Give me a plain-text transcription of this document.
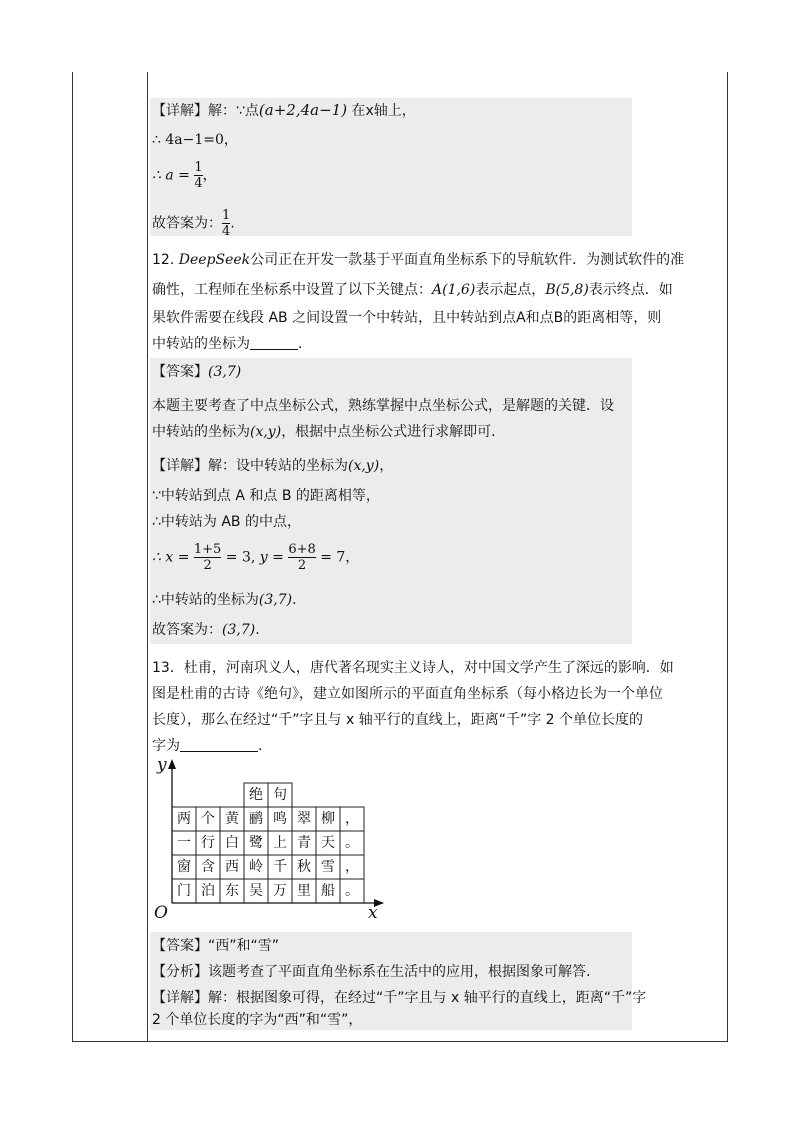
【详解】解：∵点(a+2,4a−1) 在x轴上，
∴ 4a−1=0，
∴ $a = \frac{1}{4}$ ，
故答案为： $\frac{1}{4}$ .
12. DeepSeek公司正在开发一款基于平面直角坐标系下的导航软件．为测试软件的准
确性，工程师在坐标系中设置了以下关键点：A(1,6)表示起点，B(5,8)表示终点．如
果软件需要在线段 AB 之间设置一个中转站，且中转站到点A和点B的距离相等，则
中转站的坐标为	.
【答案】(3,7)
本题主要考查了中点坐标公式，熟练掌握中点坐标公式，是解题的关键．设
中转站的坐标为(x,y)，根据中点坐标公式进行求解即可.
【详解】解：设中转站的坐标为(x,y)，
∵中转站到点 A 和点 B 的距离相等，
∴中转站为 AB 的中点，
∴ $x = \frac{1+5}{2} = 3$, $y = \frac{6+8}{2} = 7$，
∴中转站的坐标为(3,7).
故答案为：(3,7).
13．杜甫，河南巩义人，唐代著名现实主义诗人，对中国文学产生了深远的影响．如
图是杜甫的古诗《绝句》，建立如图所示的平面直角坐标系（每小格边长为一个单位
长度），那么在经过“千”字且与 x 轴平行的直线上，距离“千”字 2 个单位长度的
字为	.
y
x
O
绝 句
两 个 黄 鹂 鸣 翠 柳 ，
一 行 白 鹭 上 青 天 。
窗 含 西 岭 千 秋 雪 ，
门 泊 东 吴 万 里 船 。
【答案】“西”和“雪”
【分析】该题考查了平面直角坐标系在生活中的应用，根据图象可解答.
【详解】解：根据图象可得，在经过“千”字且与 x 轴平行的直线上，距离“千”字
2 个单位长度的字为“西”和“雪”，
